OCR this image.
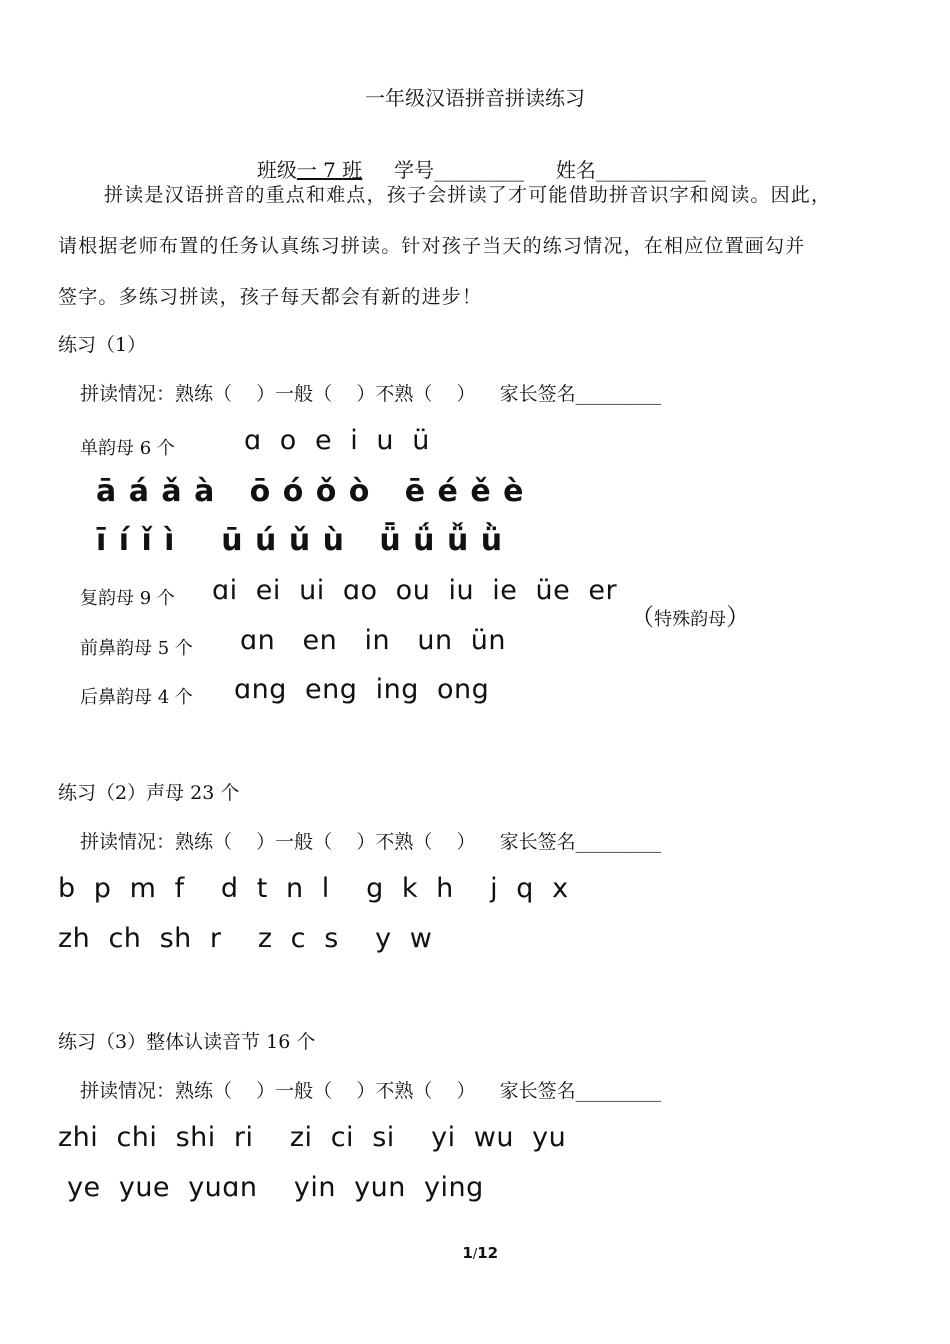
一年级汉语拼音拼读练习

班级一 7 班 学号_________ 姓名___________

拼读是汉语拼音的重点和难点，孩子会拼读了才可能借助拼音识字和阅读。因此，
请根据老师布置的任务认真练习拼读。针对孩子当天的练习情况，在相应位置画勾并
签字。多练习拼读，孩子每天都会有新的进步！
练习（1）
拼读情况：熟练（    ）一般（    ）不熟（    ）    家长签名_________
单韵母 6 个	ɑ  o  e  i  u  ü
ā á ǎ à   ō ó ǒ ò   ē é ě è
ī í ǐ ì    ū ú ǔ ù   ǖ ǘ ǚ ǜ
复韵母 9 个 ɑi  ei  ui  ɑo  ou  iu  ie  üe  er

（特殊韵母）

前鼻韵母 5 个 ɑn   en   in   un  ün
后鼻韵母 4 个 ɑng  eng  ing  ong
练习（2）声母 23 个
拼读情况：熟练（    ）一般（    ）不熟（    ）    家长签名_________
b  p  m  f    d  t  n  l    g  k  h    j  q  x
zh  ch  sh  r    z  c  s    y  w
练习（3）整体认读音节 16 个
拼读情况：熟练（    ）一般（    ）不熟（    ）    家长签名_________
zhi  chi  shi  ri    zi  ci  si    yi  wu  yu
ye  yue  yuɑn    yin  yun  ying

1/12
